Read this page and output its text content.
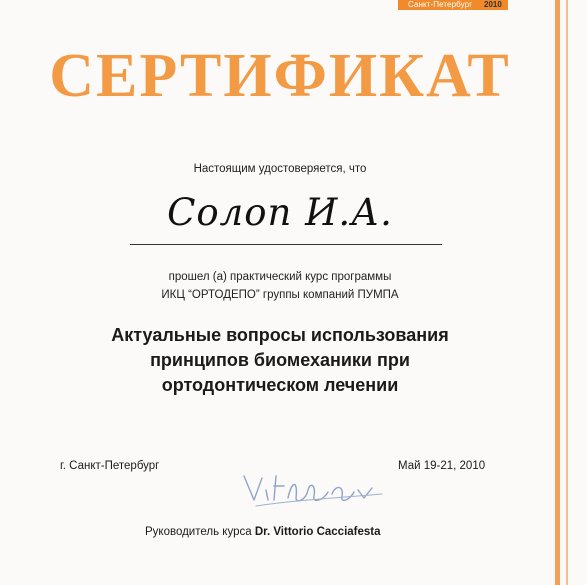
Санкт-Петербург 2010
СЕРТИФИКАТ
Настоящим удостоверяется, что
Солоп И.А.
прошел (а) практический курс программы
ИКЦ “ОРТОДЕПО” группы компаний ПУМПА
Актуальные вопросы использования
принципов биомеханики при
ортодонтическом лечении
г. Санкт-Петербург	Май 19-21, 2010
Руководитель курса Dr. Vittorio Cacciafesta
